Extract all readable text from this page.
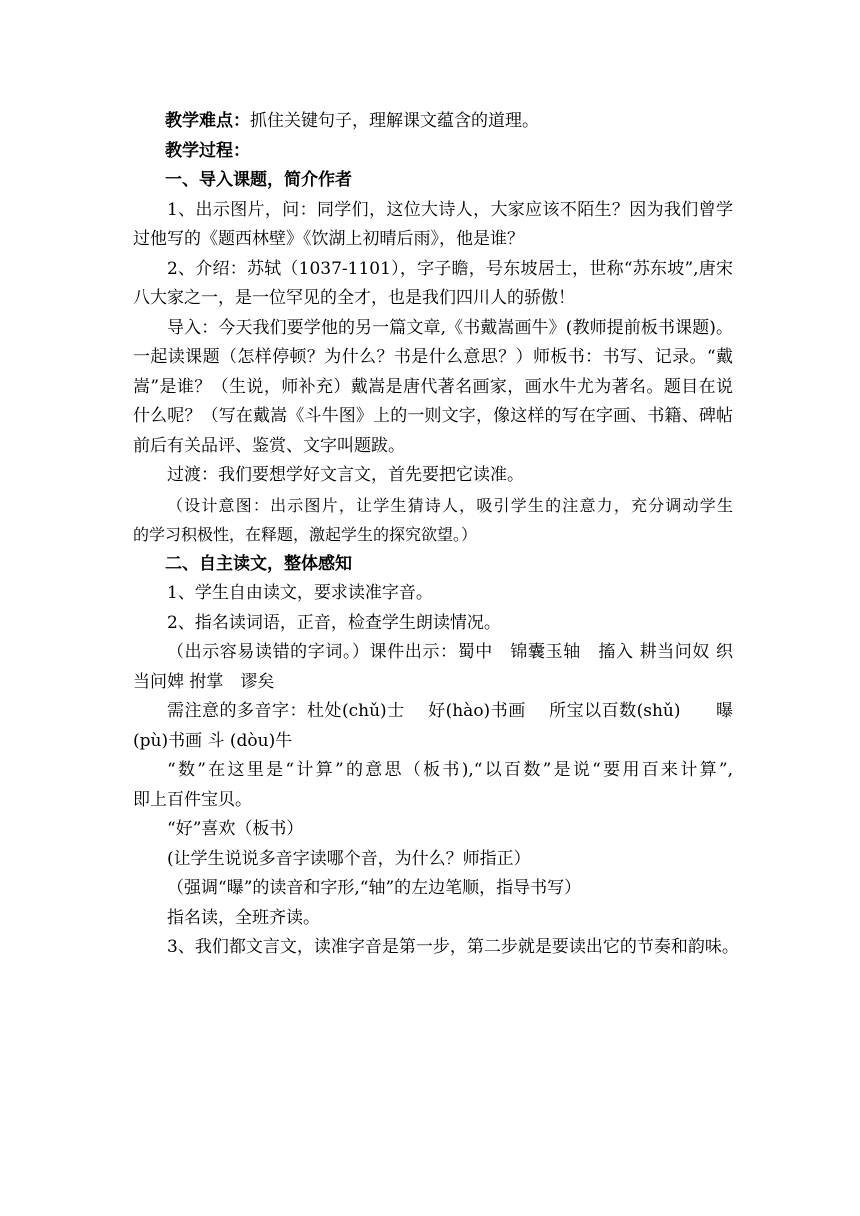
教学难点：抓住关键句子，理解课文蕴含的道理。
教学过程：
一、导入课题，简介作者
1、出示图片，问：同学们，这位大诗人，大家应该不陌生？因为我们曾学
过他写的《题西林壁》《饮湖上初晴后雨》，他是谁？
2、介绍：苏轼（1037-1101），字子瞻，号东坡居士，世称“苏东坡”,唐宋
八大家之一，是一位罕见的全才，也是我们四川人的骄傲！
导入：今天我们要学他的另一篇文章,《书戴嵩画牛》(教师提前板书课题)。
一起读课题（怎样停顿？为什么？书是什么意思？）师板书：书写、记录。“戴
嵩”是谁？（生说，师补充）戴嵩是唐代著名画家，画水牛尤为著名。题目在说
什么呢？（写在戴嵩《斗牛图》上的一则文字，像这样的写在字画、书籍、碑帖
前后有关品评、鉴赏、文字叫题跋。
过渡：我们要想学好文言文，首先要把它读准。
（设计意图：出示图片，让学生猜诗人，吸引学生的注意力，充分调动学生
的学习积极性，在释题，激起学生的探究欲望。）
二、自主读文，整体感知
1、学生自由读文，要求读准字音。
2、指名读词语，正音，检查学生朗读情况。
（出示容易读错的字词。）课件出示：蜀中　锦囊玉轴　搐入 耕当问奴 织
当问婢 拊掌　谬矣
需注意的多音字：杜处(chǔ)士　 好(hào)书画　 所宝以百数(shǔ)　　曝
(pù)书画 斗 (dòu)牛
“数”在这里是“计算”的意思（板书),“以百数”是说“要用百来计算”,
即上百件宝贝。
“好”喜欢（板书）
(让学生说说多音字读哪个音，为什么？师指正）
（强调“曝”的读音和字形,“轴”的左边笔顺，指导书写）
指名读，全班齐读。
3、我们都文言文，读准字音是第一步，第二步就是要读出它的节奏和韵味。
